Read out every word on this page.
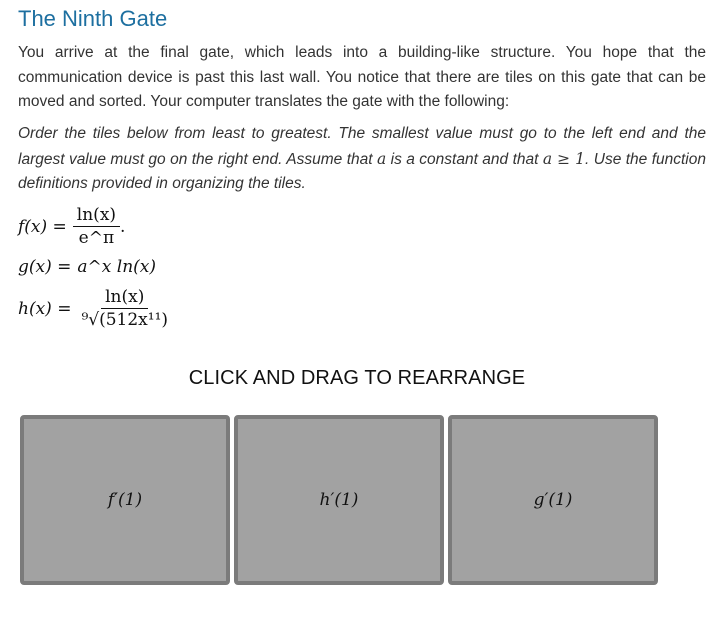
The Ninth Gate

You arrive at the final gate, which leads into a building-like structure. You hope that the communication device is past this last wall. You notice that there are tiles on this gate that can be moved and sorted. Your computer translates the gate with the following:

Order the tiles below from least to greatest. The smallest value must go to the left end and the largest value must go on the right end. Assume that a is a constant and that a ≥ 1. Use the function definitions provided in organizing the tiles.

$f(x) = \frac{\ln(x)}{e\^{}\pi}$ .
g(x) = a^x ln(x)
$h(x) = \frac{\ln(x)}{\text{⁹√(512x¹¹)}}$
CLICK AND DRAG TO REARRANGE
f′(1)	h′(1)	g′(1)
